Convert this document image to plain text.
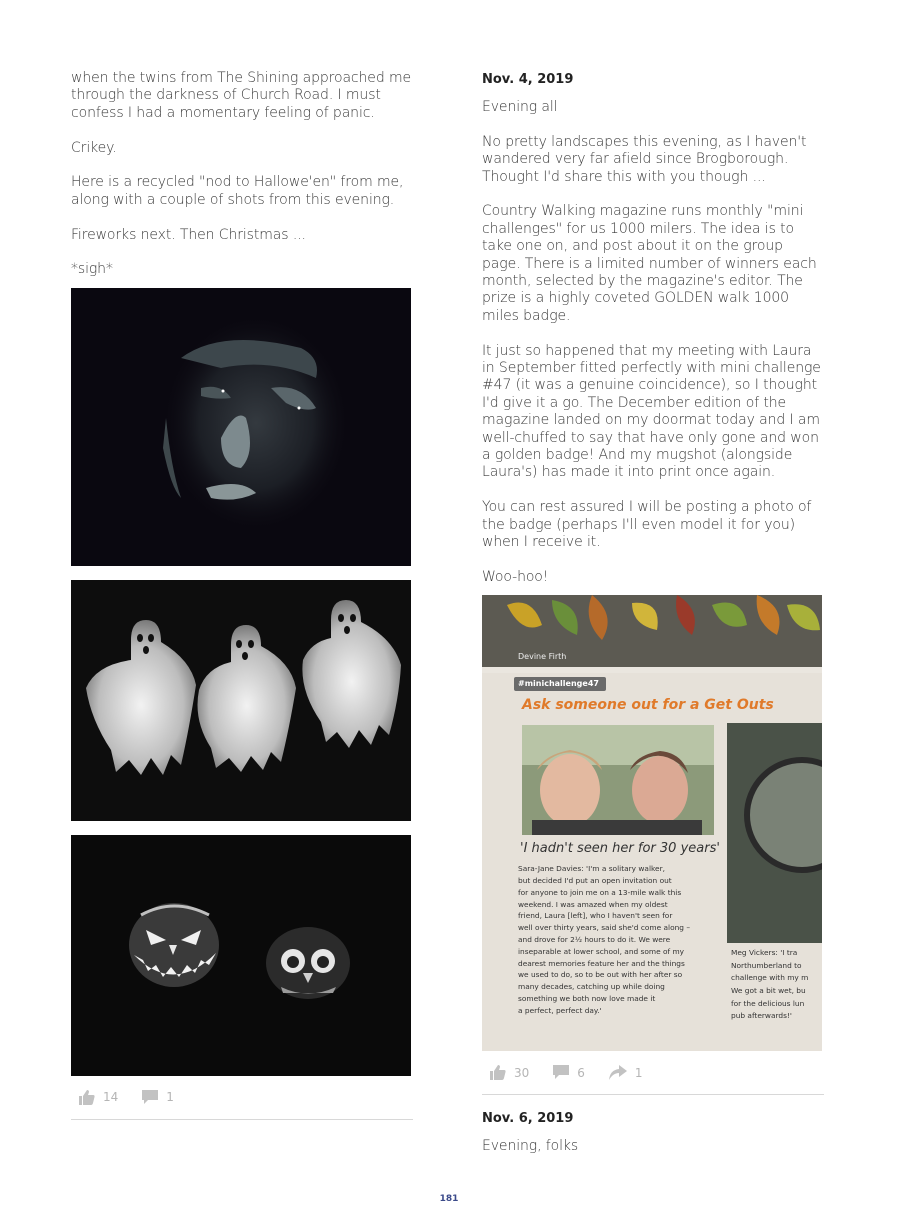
when the twins from The Shining approached me through the darkness of Church Road. I must confess I had a momentary feeling of panic.

Crikey.

Here is a recycled "nod to Hallowe'en" from me, along with a couple of shots from this evening.

Fireworks next. Then Christmas ...

*sigh*

14	1
Nov. 4, 2019

Evening all

No pretty landscapes this evening, as I haven't wandered very far afield since Brogborough. Thought I'd share this with you though ...

Country Walking magazine runs monthly "mini challenges" for us 1000 milers. The idea is to take one on, and post about it on the group page. There is a limited number of winners each month, selected by the magazine's editor. The prize is a highly coveted GOLDEN walk 1000 miles badge.

It just so happened that my meeting with Laura in September fitted perfectly with mini challenge #47 (it was a genuine coincidence), so I thought I'd give it a go. The December edition of the magazine landed on my doormat today and I am well-chuffed to say that have only gone and won a golden badge! And my mugshot (alongside Laura's) has made it into print once again.

You can rest assured I will be posting a photo of the badge (perhaps I'll even model it for you) when I receive it.

Woo-hoo!

Devine Firth
#minichallenge47
Ask someone out for a Get Outs
'I hadn't seen her for 30 years'
Sara-Jane Davies: 'I'm a solitary walker,
but decided I'd put an open invitation out
for anyone to join me on a 13-mile walk this
weekend. I was amazed when my oldest
friend, Laura [left], who I haven't seen for
well over thirty years, said she'd come along –
and drove for 2½ hours to do it. We were
inseparable at lower school, and some of my
dearest memories feature her and the things
we used to do, so to be out with her after so
many decades, catching up while doing
something we both now love made it
a perfect, perfect day.'
Meg Vickers: 'I tra
Northumberland to
challenge with my m
We got a bit wet, bu
for the delicious lun
pub afterwards!'
30	6	1
Nov. 6, 2019

Evening, folks

181
